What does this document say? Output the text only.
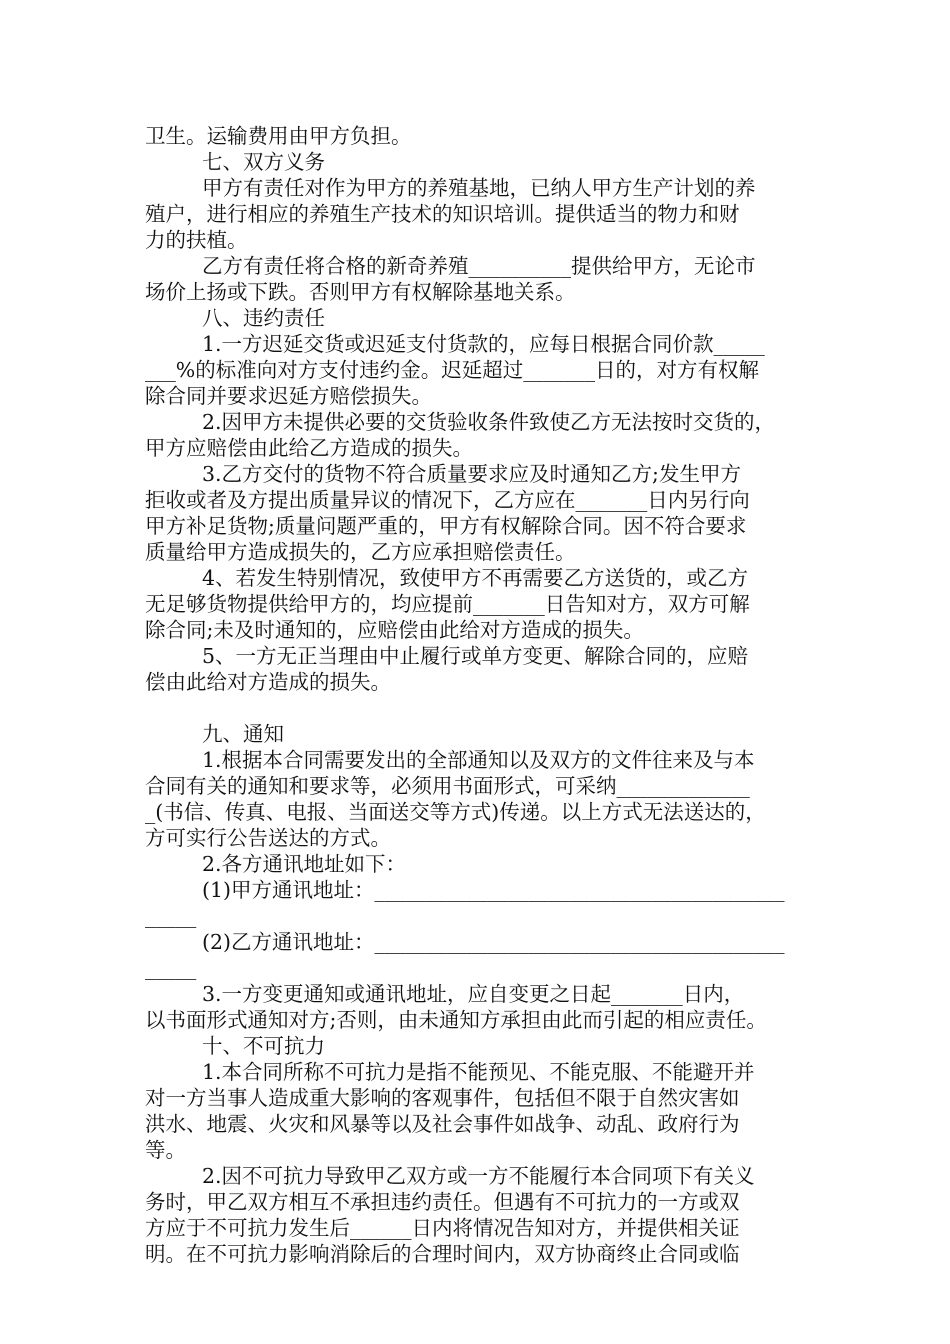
卫生。运输费用由甲方负担。
七、双方义务
甲方有责任对作为甲方的养殖基地，已纳人甲方生产计划的养
殖户，进行相应的养殖生产技术的知识培训。提供适当的物力和财
力的扶植。
乙方有责任将合格的新奇养殖__________提供给甲方，无论市
场价上扬或下跌。否则甲方有权解除基地关系。
八、违约责任
1.一方迟延交货或迟延支付货款的，应每日根据合同价款_____
___%的标准向对方支付违约金。迟延超过_______日的，对方有权解
除合同并要求迟延方赔偿损失。
2.因甲方未提供必要的交货验收条件致使乙方无法按时交货的，
甲方应赔偿由此给乙方造成的损失。
3.乙方交付的货物不符合质量要求应及时通知乙方;发生甲方
拒收或者及方提出质量异议的情况下，乙方应在_______日内另行向
甲方补足货物;质量问题严重的，甲方有权解除合同。因不符合要求
质量给甲方造成损失的，乙方应承担赔偿责任。
4、若发生特别情况，致使甲方不再需要乙方送货的，或乙方
无足够货物提供给甲方的，均应提前_______日告知对方，双方可解
除合同;未及时通知的，应赔偿由此给对方造成的损失。
5、一方无正当理由中止履行或单方变更、解除合同的，应赔
偿由此给对方造成的损失。
九、通知
1.根据本合同需要发出的全部通知以及双方的文件往来及与本
合同有关的通知和要求等，必须用书面形式，可采纳_____________
_(书信、传真、电报、当面送交等方式)传递。以上方式无法送达的，
方可实行公告送达的方式。
2.各方通讯地址如下：
(1)甲方通讯地址：________________________________________
_____
(2)乙方通讯地址：________________________________________
_____
3.一方变更通知或通讯地址，应自变更之日起_______日内，
以书面形式通知对方;否则，由未通知方承担由此而引起的相应责任。
十、不可抗力
1.本合同所称不可抗力是指不能预见、不能克服、不能避开并
对一方当事人造成重大影响的客观事件，包括但不限于自然灾害如
洪水、地震、火灾和风暴等以及社会事件如战争、动乱、政府行为
等。
2.因不可抗力导致甲乙双方或一方不能履行本合同项下有关义
务时，甲乙双方相互不承担违约责任。但遇有不可抗力的一方或双
方应于不可抗力发生后______日内将情况告知对方，并提供相关证
明。在不可抗力影响消除后的合理时间内，双方协商终止合同或临
